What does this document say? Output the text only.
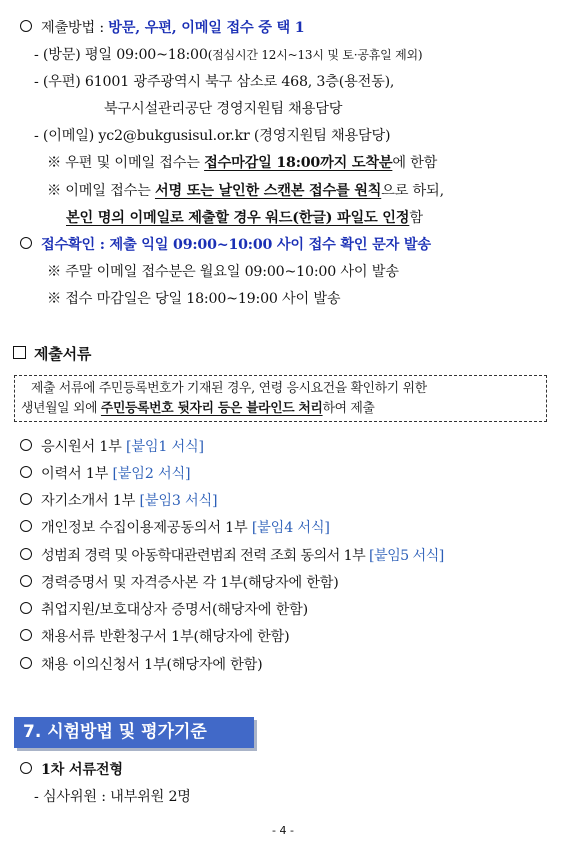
제출방법 : 방문, 우편, 이메일 접수 중 택 1
- (방문) 평일 09:00~18:00(점심시간 12시~13시 및 토·공휴일 제외)
- (우편) 61001 광주광역시 북구 삼소로 468, 3층(용전동),
북구시설관리공단 경영지원팀 채용담당
- (이메일) yc2@bukgusisul.or.kr (경영지원팀 채용담당)
※ 우편 및 이메일 접수는 접수마감일 18:00까지 도착분에 한함
※ 이메일 접수는 서명 또는 날인한 스캔본 접수를 원칙으로 하되,
본인 명의 이메일로 제출할 경우 워드(한글) 파일도 인정함
접수확인 : 제출 익일 09:00~10:00 사이 접수 확인 문자 발송
※ 주말 이메일 접수분은 월요일 09:00~10:00 사이 발송
※ 접수 마감일은 당일 18:00~19:00 사이 발송
제출서류
제출 서류에 주민등록번호가 기재된 경우, 연령 응시요건을 확인하기 위한
생년월일 외에 주민등록번호 뒷자리 등은 블라인드 처리하여 제출
응시원서 1부 [붙임1 서식]
이력서 1부 [붙임2 서식]
자기소개서 1부 [붙임3 서식]
개인정보 수집이용제공동의서 1부 [붙임4 서식]
성범죄 경력 및 아동학대관련범죄 전력 조회 동의서 1부 [붙임5 서식]
경력증명서 및 자격증사본 각 1부(해당자에 한함)
취업지원/보호대상자 증명서(해당자에 한함)
채용서류 반환청구서 1부(해당자에 한함)
채용 이의신청서 1부(해당자에 한함)
7. 시험방법 및 평가기준
1차 서류전형
- 심사위원 : 내부위원 2명
- 4 -
